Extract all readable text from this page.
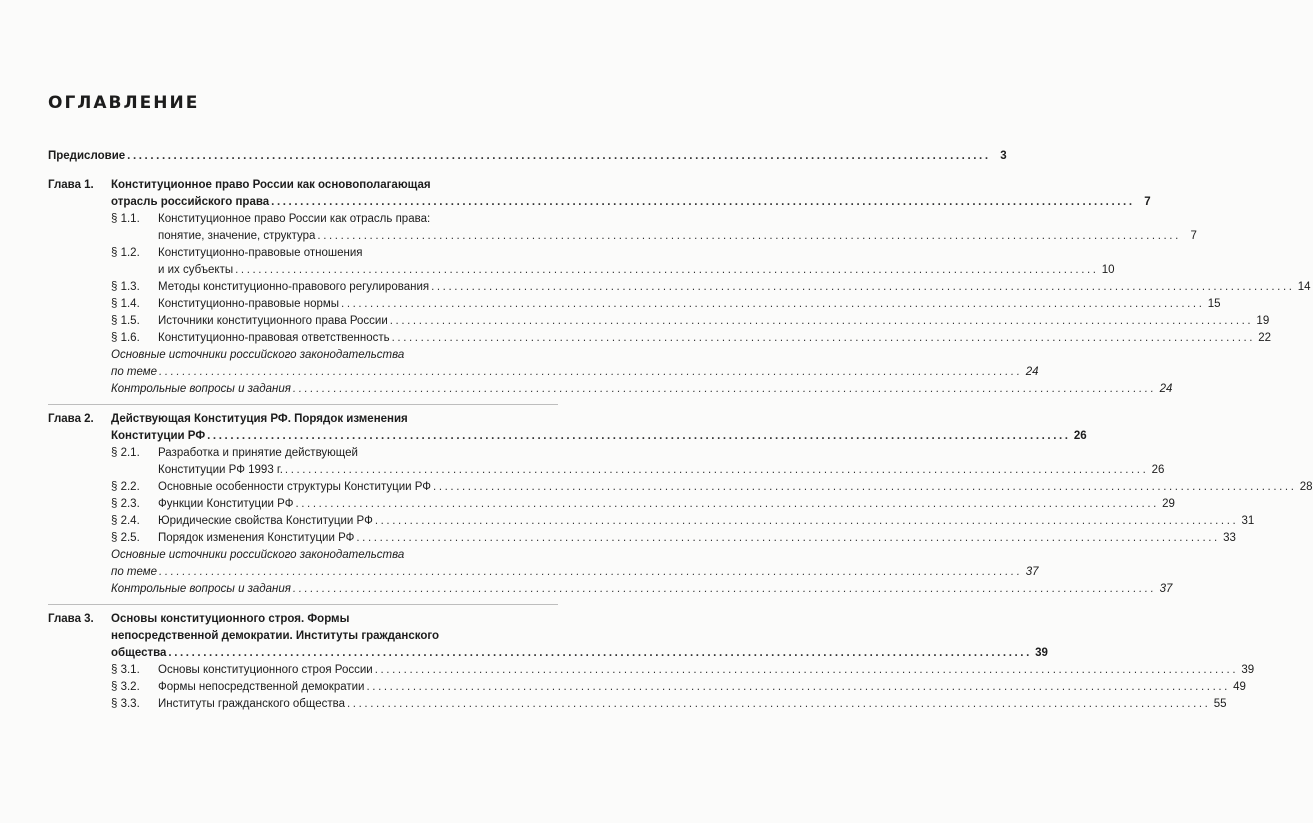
ОГЛАВЛЕНИЕ
Предисловие .....	3
Глава 1.	Конституционное право России как основополагающая
отрасль российского права .....	7
§ 1.1.	Конституционное право России как отрасль права:
понятие, значение, структура .....	7
§ 1.2.	Конституционно-правовые отношения
и их субъекты .....	10
§ 1.3.	Методы конституционно-правового регулирования .....	14
§ 1.4.	Конституционно-правовые нормы .....	15
§ 1.5.	Источники конституционного права России .....	19
§ 1.6.	Конституционно-правовая ответственность .....	22
Основные источники российского законодательства
по теме .....	24
Контрольные вопросы и задания .....	24
Глава 2.	Действующая Конституция РФ. Порядок изменения
Конституции РФ .....	26
§ 2.1.	Разработка и принятие действующей
Конституции РФ 1993 г. .....	26
§ 2.2.	Основные особенности структуры Конституции РФ .....	28
§ 2.3.	Функции Конституции РФ .....	29
§ 2.4.	Юридические свойства Конституции РФ .....	31
§ 2.5.	Порядок изменения Конституции РФ .....	33
Основные источники российского законодательства
по теме .....	37
Контрольные вопросы и задания .....	37
Глава 3.	Основы конституционного строя. Формы
непосредственной демократии. Институты гражданского
общества .....	39
§ 3.1.	Основы конституционного строя России .....	39
§ 3.2.	Формы непосредственной демократии .....	49
§ 3.3.	Институты гражданского общества .....	55
